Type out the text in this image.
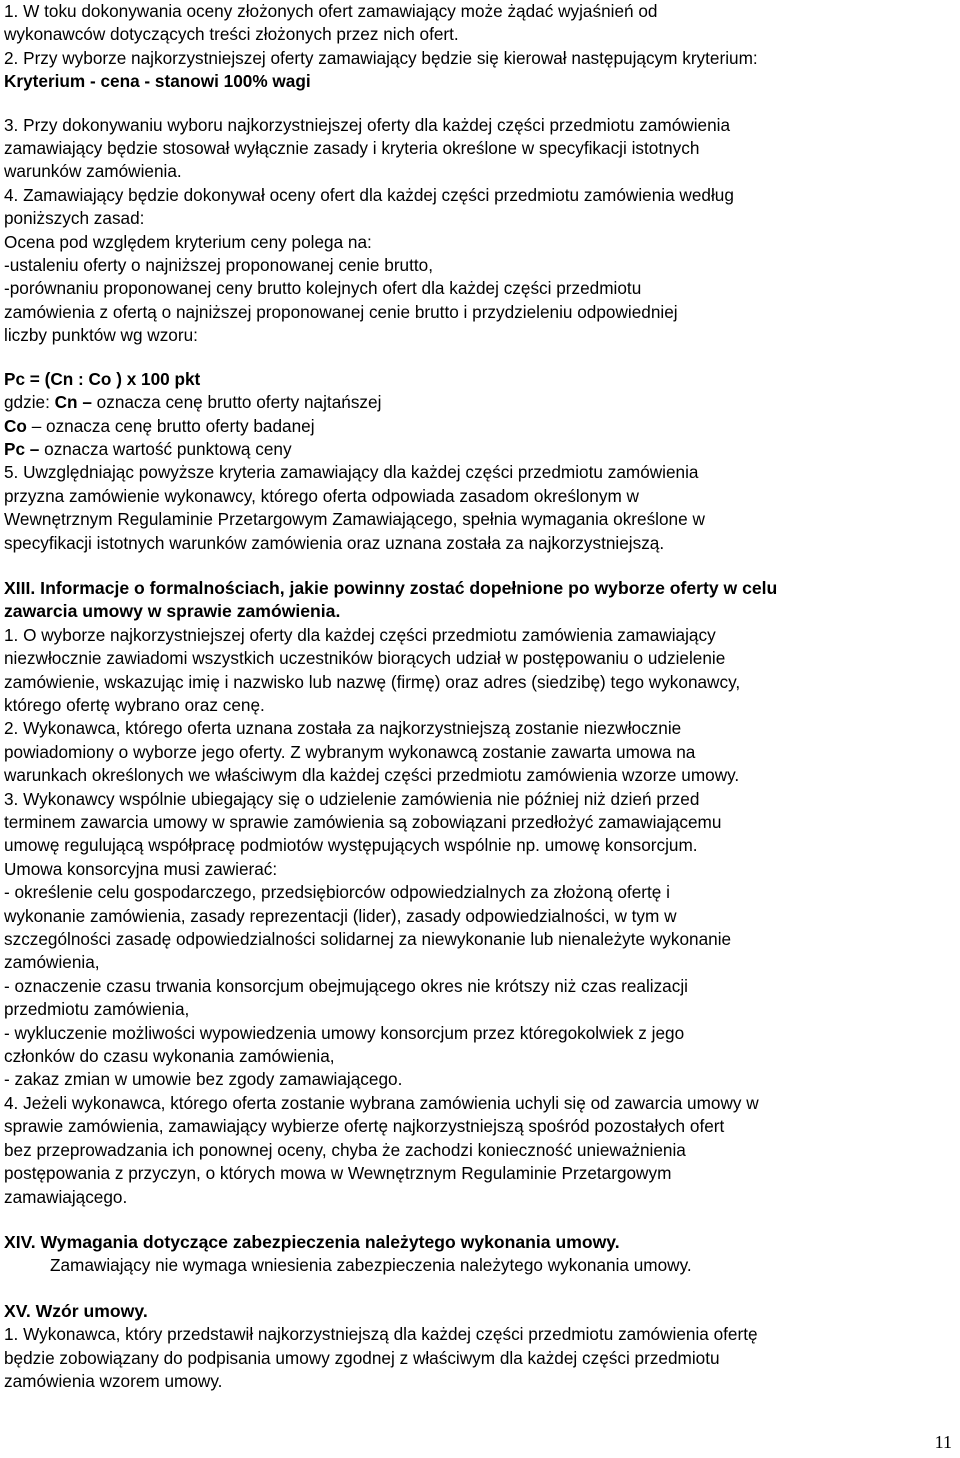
1. W toku dokonywania oceny złożonych ofert zamawiający może żądać wyjaśnień od
wykonawców dotyczących treści złożonych przez nich ofert.
2. Przy wyborze najkorzystniejszej oferty zamawiający będzie się kierował następującym kryterium:
Kryterium - cena - stanowi 100% wagi
3. Przy dokonywaniu wyboru najkorzystniejszej oferty dla każdej części przedmiotu zamówienia
zamawiający będzie stosował wyłącznie zasady i kryteria określone w specyfikacji istotnych
warunków zamówienia.
4. Zamawiający będzie dokonywał oceny ofert dla każdej części przedmiotu zamówienia według
poniższych zasad:
Ocena pod względem kryterium ceny polega na:
-ustaleniu oferty o najniższej proponowanej cenie brutto,
-porównaniu proponowanej ceny brutto kolejnych ofert dla każdej części przedmiotu
zamówienia z ofertą o najniższej proponowanej cenie brutto i przydzieleniu odpowiedniej
liczby punktów wg wzoru:
Pc = (Cn : Co ) x 100 pkt
gdzie: Cn – oznacza cenę brutto oferty najtańszej
Co – oznacza cenę brutto oferty badanej
Pc – oznacza wartość punktową ceny
5. Uwzględniając powyższe kryteria zamawiający dla każdej części przedmiotu zamówienia
przyzna zamówienie wykonawcy, którego oferta odpowiada zasadom określonym w
Wewnętrznym Regulaminie Przetargowym Zamawiającego, spełnia wymagania określone w
specyfikacji istotnych warunków zamówienia oraz uznana została za najkorzystniejszą.
XIII. Informacje o formalnościach, jakie powinny zostać dopełnione po wyborze oferty w celu
zawarcia umowy w sprawie zamówienia.
1. O wyborze najkorzystniejszej oferty dla każdej części przedmiotu zamówienia zamawiający
niezwłocznie zawiadomi wszystkich uczestników biorących udział w postępowaniu o udzielenie
zamówienie, wskazując imię i nazwisko lub nazwę (firmę) oraz adres (siedzibę) tego wykonawcy,
którego ofertę wybrano oraz cenę.
2. Wykonawca, którego oferta uznana została za najkorzystniejszą zostanie niezwłocznie
powiadomiony o wyborze jego oferty. Z wybranym wykonawcą zostanie zawarta umowa na
warunkach określonych we właściwym dla każdej części przedmiotu zamówienia wzorze umowy.
3. Wykonawcy wspólnie ubiegający się o udzielenie zamówienia nie później niż dzień przed
terminem zawarcia umowy w sprawie zamówienia są zobowiązani przedłożyć zamawiającemu
umowę regulującą współpracę podmiotów występujących wspólnie np. umowę konsorcjum.
Umowa konsorcyjna musi zawierać:
- określenie celu gospodarczego, przedsiębiorców odpowiedzialnych za złożoną ofertę i
wykonanie zamówienia, zasady reprezentacji (lider), zasady odpowiedzialności, w tym w
szczególności zasadę odpowiedzialności solidarnej za niewykonanie lub nienależyte wykonanie
zamówienia,
- oznaczenie czasu trwania konsorcjum obejmującego okres nie krótszy niż czas realizacji
przedmiotu zamówienia,
- wykluczenie możliwości wypowiedzenia umowy konsorcjum przez któregokolwiek z jego
członków do czasu wykonania zamówienia,
- zakaz zmian w umowie bez zgody zamawiającego.
4. Jeżeli wykonawca, którego oferta zostanie wybrana zamówienia uchyli się od zawarcia umowy w
sprawie zamówienia, zamawiający wybierze ofertę najkorzystniejszą spośród pozostałych ofert
bez przeprowadzania ich ponownej oceny, chyba że zachodzi konieczność unieważnienia
postępowania z przyczyn, o których mowa w Wewnętrznym Regulaminie Przetargowym
zamawiającego.
XIV. Wymagania dotyczące zabezpieczenia należytego wykonania umowy.
Zamawiający nie wymaga wniesienia zabezpieczenia należytego wykonania umowy.
XV. Wzór umowy.
1. Wykonawca, który przedstawił najkorzystniejszą dla każdej części przedmiotu zamówienia ofertę
będzie zobowiązany do podpisania umowy zgodnej z właściwym dla każdej części przedmiotu
zamówienia wzorem umowy.
11
